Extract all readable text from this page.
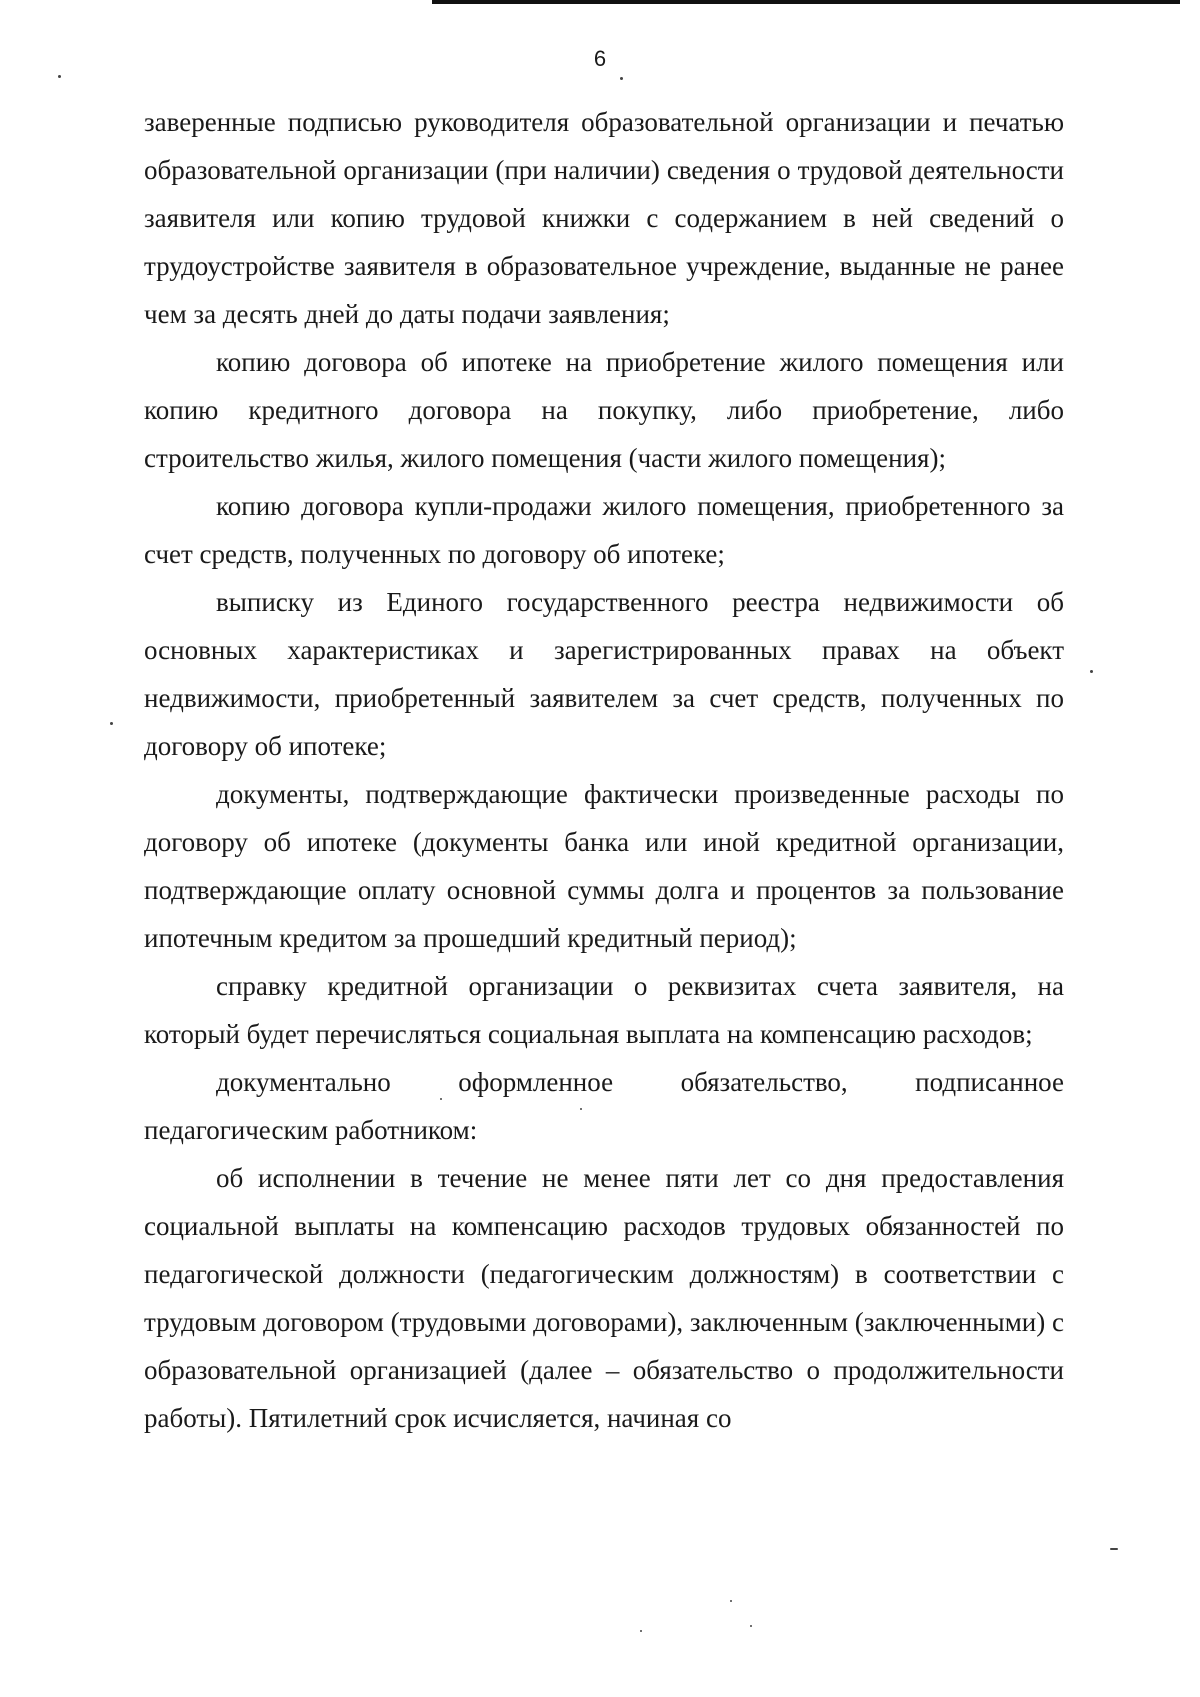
6

заверенные подписью руководителя образовательной организации и печатью образовательной организации (при наличии) сведения о трудовой деятельности заявителя или копию трудовой книжки с содержанием в ней сведений о трудоустройстве заявителя в образовательное учреждение, выданные не ранее чем за десять дней до даты подачи заявления;

копию договора об ипотеке на приобретение жилого помещения или копию кредитного договора на покупку, либо приобретение, либо строительство жилья, жилого помещения (части жилого помещения);

копию договора купли-продажи жилого помещения, приобретенного за счет средств, полученных по договору об ипотеке;

выписку из Единого государственного реестра недвижимости об основных характеристиках и зарегистрированных правах на объект недвижимости, приобретенный заявителем за счет средств, полученных по договору об ипотеке;

документы, подтверждающие фактически произведенные расходы по договору об ипотеке (документы банка или иной кредитной организации, подтверждающие оплату основной суммы долга и процентов за пользование ипотечным кредитом за прошедший кредитный период);

справку кредитной организации о реквизитах счета заявителя, на который будет перечисляться социальная выплата на компенсацию расходов;

документально оформленное обязательство, подписанное педагогическим работником:

об исполнении в течение не менее пяти лет со дня предоставления социальной выплаты на компенсацию расходов трудовых обязанностей по педагогической должности (педагогическим должностям) в соответствии с трудовым договором (трудовыми договорами), заключенным (заключенными) с образовательной организацией (далее – обязательство о продолжительности работы). Пятилетний срок исчисляется, начиная со
